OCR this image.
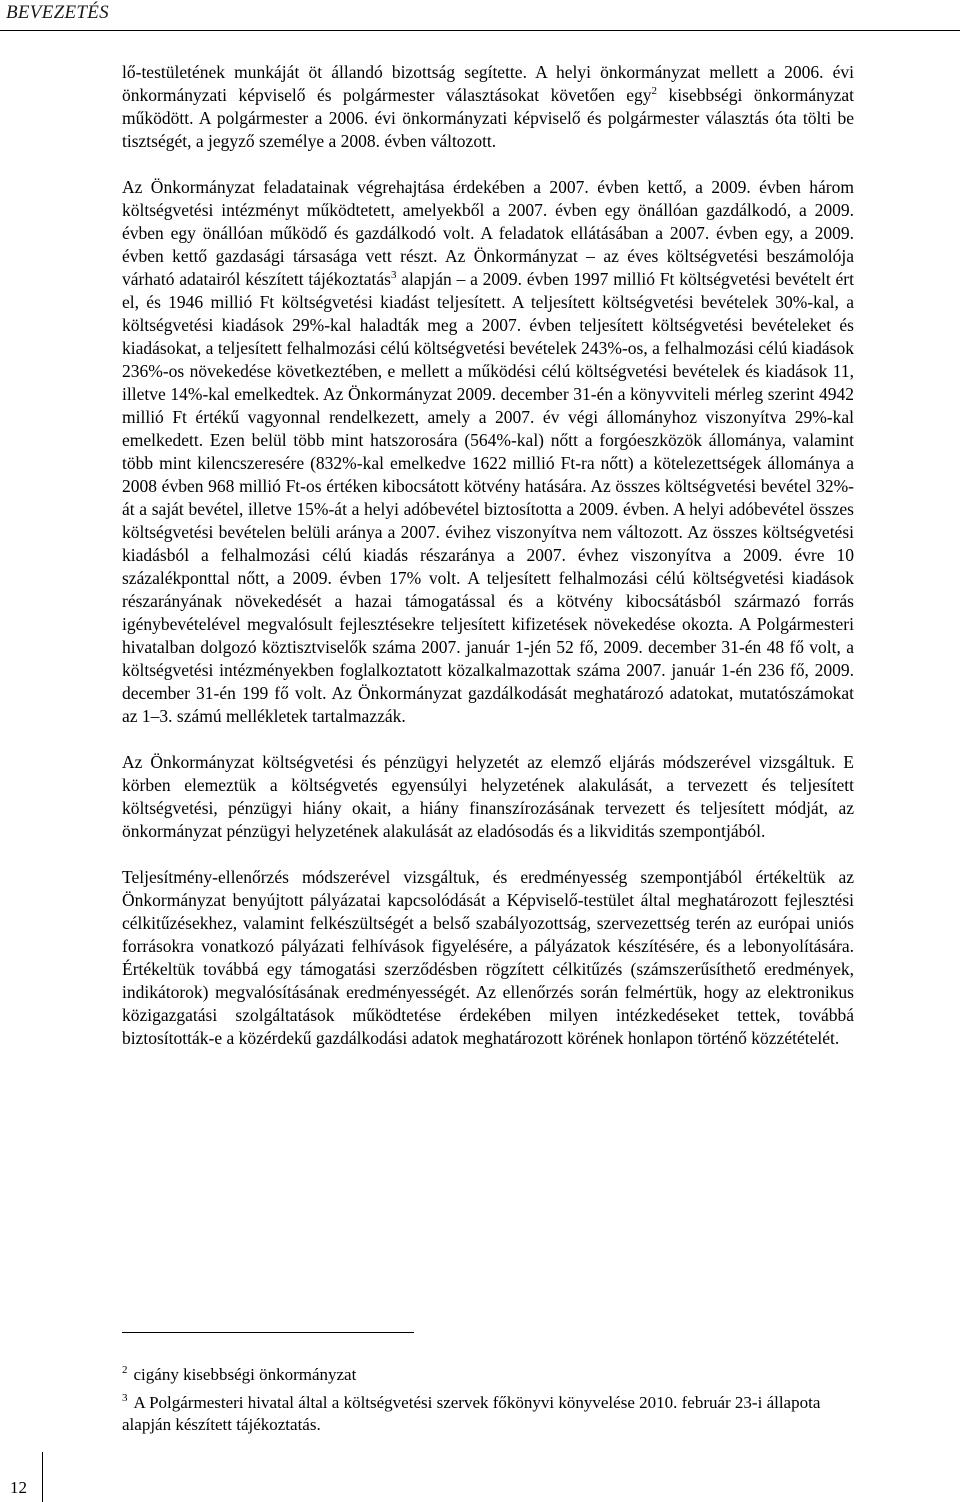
BEVEZETÉS

lő-testületének munkáját öt állandó bizottság segítette. A helyi önkormányzat mellett a 2006. évi önkormányzati képviselő és polgármester választásokat követően egy$^2$ kisebbségi önkormányzat működött. A polgármester a 2006. évi önkormányzati képviselő és polgármester választás óta tölti be tisztségét, a jegyző személye a 2008. évben változott.

Az Önkormányzat feladatainak végrehajtása érdekében a 2007. évben kettő, a 2009. évben három költségvetési intézményt működtetett, amelyekből a 2007. évben egy önállóan gazdálkodó, a 2009. évben egy önállóan működő és gazdálkodó volt. A feladatok ellátásában a 2007. évben egy, a 2009. évben kettő gazdasági társasága vett részt. Az Önkormányzat – az éves költségvetési beszámolója várható adatairól készített tájékoztatás$^3$ alapján – a 2009. évben 1997 millió Ft költségvetési bevételt ért el, és 1946 millió Ft költségvetési kiadást teljesített. A teljesített költségvetési bevételek 30%-kal, a költségvetési kiadások 29%-kal haladták meg a 2007. évben teljesített költségvetési bevételeket és kiadásokat, a teljesített felhalmozási célú költségvetési bevételek 243%-os, a felhalmozási célú kiadások 236%-os növekedése következtében, e mellett a működési célú költségvetési bevételek és kiadások 11, illetve 14%-kal emelkedtek. Az Önkormányzat 2009. december 31-én a könyvviteli mérleg szerint 4942 millió Ft értékű vagyonnal rendelkezett, amely a 2007. év végi állományhoz viszonyítva 29%-kal emelkedett. Ezen belül több mint hatszorosára (564%-kal) nőtt a forgóeszközök állománya, valamint több mint kilencszeresére (832%-kal emelkedve 1622 millió Ft-ra nőtt) a kötelezettségek állománya a 2008 évben 968 millió Ft-os értéken kibocsátott kötvény hatására. Az összes költségvetési bevétel 32%-át a saját bevétel, illetve 15%-át a helyi adóbevétel biztosította a 2009. évben. A helyi adóbevétel összes költségvetési bevételen belüli aránya a 2007. évihez viszonyítva nem változott. Az összes költségvetési kiadásból a felhalmozási célú kiadás részaránya a 2007. évhez viszonyítva a 2009. évre 10 százalékponttal nőtt, a 2009. évben 17% volt. A teljesített felhalmozási célú költségvetési kiadások részarányának növekedését a hazai támogatással és a kötvény kibocsátásból származó forrás igénybevételével megvalósult fejlesztésekre teljesített kifizetések növekedése okozta. A Polgármesteri hivatalban dolgozó köztisztviselők száma 2007. január 1-jén 52 fő, 2009. december 31-én 48 fő volt, a költségvetési intézményekben foglalkoztatott közalkalmazottak száma 2007. január 1-én 236 fő, 2009. december 31-én 199 fő volt. Az Önkormányzat gazdálkodását meghatározó adatokat, mutatószámokat az 1–3. számú mellékletek tartalmazzák.

Az Önkormányzat költségvetési és pénzügyi helyzetét az elemző eljárás módszerével vizsgáltuk. E körben elemeztük a költségvetés egyensúlyi helyzetének alakulását, a tervezett és teljesített költségvetési, pénzügyi hiány okait, a hiány finanszírozásának tervezett és teljesített módját, az önkormányzat pénzügyi helyzetének alakulását az eladósodás és a likviditás szempontjából.

Teljesítmény-ellenőrzés módszerével vizsgáltuk, és eredményesség szempontjából értékeltük az Önkormányzat benyújtott pályázatai kapcsolódását a Képviselő-testület által meghatározott fejlesztési célkitűzésekhez, valamint felkészültségét a belső szabályozottság, szervezettség terén az európai uniós forrásokra vonatkozó pályázati felhívások figyelésére, a pályázatok készítésére, és a lebonyolítására. Értékeltük továbbá egy támogatási szerződésben rögzített célkitűzés (számszerűsíthető eredmények, indikátorok) megvalósításának eredményességét. Az ellenőrzés során felmértük, hogy az elektronikus közigazgatási szolgáltatások működtetése érdekében milyen intézkedéseket tettek, továbbá biztosították-e a közérdekű gazdálkodási adatok meghatározott körének honlapon történő közzétételét.

$^2$ cigány kisebbségi önkormányzat

$^3$ A Polgármesteri hivatal által a költségvetési szervek főkönyvi könyvelése 2010. február 23-i állapota alapján készített tájékoztatás.

12
